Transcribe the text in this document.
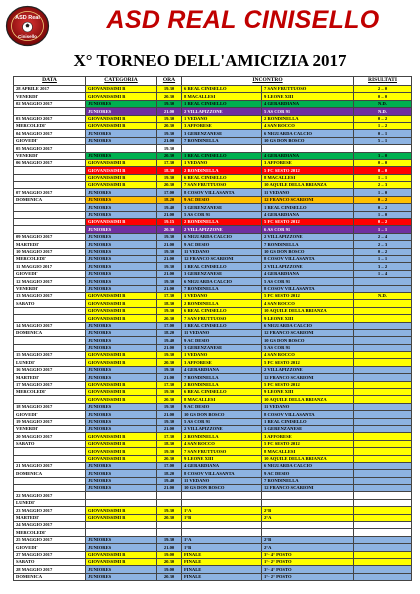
ASD Real
Cinisello
ASD REAL CINISELLO
X° TORNEO DELL'AMICIZIA 2017
DATA	CATEGORIA	ORA	INCONTRO		RISULTATI
28 APRILE 2017	GIOVANISSIMI B	19.30	6 REAL CINISELLO	7 SAN FRUTTUOSO	2 – 0
VENERDI'	GIOVANISSIMI B	20.30	8 MACALLESI	9 LEONE XIII	0 – 0
02 MAGGIO 2017	JUNIORES	19.30	1 REAL CINISELLO	4 GERARDIANA	N.D.
MARTEDI'	JUNIORES	21.00	2 VILLAPIZZONE	5 AS COR 91	N.D.
03 MAGGIO 2017	GIOVANISSIMI B	19.30	1 VEDANO	2 RONDINELLA	0 – 2
MERCOLEDI'	GIOVANISSIMI B	20.30	3 AFFORESE	4 SAN ROCCO	1 – 2
04 MAGGIO 2017	JUNIORES	19.30	3 GERENZANESE	6 NIGUARDA CALCIO	0 – 1
GIOVEDI'	JUNIORES	21.00	7 RONDINELLA	10 GS DON BOSCO	5 – 1
05 MAGGIO 2017		19.30			
VENERDI'	JUNIORES	20.30	1 REAL CINISELLO	4 GERARDIANA	3 – 0
06 MAGGIO 2017	GIOVANISSIMI B	17.30	1 VEDANO	3 AFFORESE	0 – 0
SABATO	GIOVANISSIMI B	18.30	2 RONDINELLA	5 FC SESTO 2012	0 – 0
	GIOVANISSIMI B	19.30	6 REAL CINISELLO	8 MACALLESI	1 – 1
	GIOVANISSIMI B	20.30	7 SAN FRUTTUOSO	10 AQUILE DELLA BRIANZA	2 – 3
07 MAGGIO 2017	JUNIORES	17.00	8 COSOV VILLASANTA	11 VEDANO	1 – 0
DOMENICA	JUNIORES	18.20	9 AC DESIO	12 FRANCO SCARIONI	0 – 2
	JUNIORES	19.40	3 GERENZANESE	1 REAL CINISELLO	0 – 2
	JUNIORES	21.00	5 AS COR 91	4 GERARDIANA	1 – 0
08 MAGGIO 2017	GIOVANISSIMI B	19.15	2 RONDINELLA	5 FC SESTO 2012	0 – 2
LUNEDI'	JUNIORES	20.30	2 VILLAPIZZONE	6 AS COR 91	1 – 1
09 MAGGIO 2017	JUNIORES	19.30	6 NIGUARDA CALCIO	2 VILLAPIZZONE	2 – 4
MARTEDI'	JUNIORES	21.00	9 AC DESIO	7 RONDINELLA	2 – 3
10 MAGGIO 2017	JUNIORES	19.30	11 VEDANO	10 GS DON BOSCO	0 – 2
MERCOLEDI'	JUNIORES	21.00	12 FRANCO SCARIONI	8 COSOV VILLASANTA	1 – 1
11 MAGGIO 2017	JUNIORES	19.30	1 REAL CINISELLO	2 VILLAPIZZONE	3 – 2
GIOVEDI'	JUNIORES	21.00	3 GERENZANESE	4 GERARDIANA	1 – 4
12 MAGGIO 2017	JUNIORES	19.30	6 NIGUARDA CALCIO	5 AS COR 91	
VENERDI'	JUNIORES	21.00	7 RONDINELLA	8 COSOV VILLASANTA	
13 MAGGIO 2017	GIOVANISSIMI B	17.30	1 VEDANO	5 FC SESTO 2012	N.D.
SABATO	GIOVANISSIMI B	18.30	2 RONDINELLA	4 SAN ROCCO	
	GIOVANISSIMI B	19.30	6 REAL CINISELLO	10 AQUILE DELLA BRIANZA	
	GIOVANISSIMI B	20.30	7 SAN FRUTTUOSO	9 LEONE XIII	
14 MAGGIO 2017	JUNIORES	17.00	1 REAL CINISELLO	6 NIGUARDA CALCIO	
DOMENICA	JUNIORES	18.20	11 VEDANO	12 FRANCO SCARIONI	
	JUNIORES	19.40	9 AC DESIO	10 GS DON BOSCO	
	JUNIORES	21.00	3 GERENZANESE	5 AS COR 91	
15 MAGGIO 2017	GIOVANISSIMI B	19.30	1 VEDANO	4 SAN ROCCO	
LUNEDI'	GIOVANISSIMI B	20.30	3 AFFORESE	5 FC SESTO 2012	
16 MAGGIO 2017	JUNIORES	19.30	4 GERARDIANA	2 VILLAPIZZONE	
MARTEDI'	JUNIORES	21.00	7 RONDINELLA	12 FRANCO SCARIONI	
17 MAGGIO 2017	GIOVANISSIMI B	17.30	2 RONDINELLA	5 FC SESTO 2012	
MERCOLEDI'	GIOVANISSIMI B	19.30	6 REAL CINISELLO	9 LEONE XIII	
	GIOVANISSIMI B	20.30	8 MACALLESI	10 AQUILE DELLA BRIANZA	
18 MAGGIO 2017	JUNIORES	19.30	9 AC DESIO	11 VEDANO	
GIOVEDI'	JUNIORES	21.00	10 GS DON BOSCO	8 COSOV VILLASANTA	
19 MAGGIO 2017	JUNIORES	19.30	5 AS COR 91	1 REAL CINISELLO	
VENERDI'	JUNIORES	21.00	2 VILLAPIZZONE	3 GERENZANESE	
20 MAGGIO 2017	GIOVANISSIMI B	17.30	2 RONDINELLA	3 AFFORESE	
SABATO	GIOVANISSIMI B	18.30	4 SAN ROCCO	5 FC SESTO 2012	
	GIOVANISSIMI B	19.30	7 SAN FRUTTUOSO	8 MACALLESI	
	GIOVANISSIMI B	20.30	9 LEONE XIII	10 AQUILE DELLA BRIANZA	
21 MAGGIO 2017	JUNIORES	17.00	4 GERARDIANA	6 NIGUARDA CALCIO	
DOMENICA	JUNIORES	18.20	8 COSOV VILLASANTA	9 AC DESIO	
	JUNIORES	19.40	11 VEDANO	7 RONDINELLA	
	JUNIORES	21.00	10 GS DON BOSCO	12 FRANCO SCARIONI	
22 MAGGIO 2017					
LUNEDI'					
23 MAGGIO 2017	GIOVANISSIMI B	19.30	1°A	2°B	
MARTEDI'	GIOVANISSIMI B	20.30	1°B	2°A	
24 MAGGIO 2017					
MERCOLEDI'					
25 MAGGIO 2017	JUNIORES	19.30	1°A	2°B	
GIOVEDI'	JUNIORES	21.00	1°B	2°A	
27 MAGGIO 2017	GIOVANISSIMI B	19.00	FINALE	3°- 4° POSTO	
SABATO	GIOVANISSIMI B	20.30	FINALE	1°- 2° POSTO	
28 MAGGIO 2017	JUNIORES	19.00	FINALE	3°- 4° POSTO	
DOMENICA	JUNIORES	20.30	FINALE	1°- 2° POSTO	
